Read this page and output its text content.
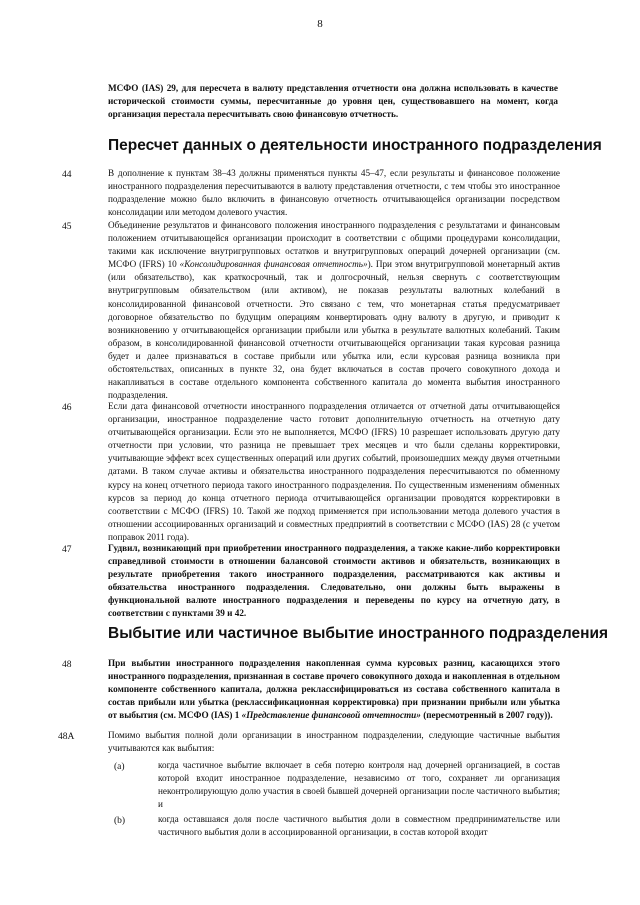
8
МСФО (IAS) 29, для пересчета в валюту представления отчетности она должна использовать в качестве исторической стоимости суммы, пересчитанные до уровня цен, существовавшего на момент, когда организация перестала пересчитывать свою финансовую отчетность.
Пересчет данных о деятельности иностранного подразделения
44	В дополнение к пунктам 38–43 должны применяться пункты 45–47, если результаты и финансовое положение иностранного подразделения пересчитываются в валюту представления отчетности, с тем чтобы это иностранное подразделение можно было включить в финансовую отчетность отчитывающейся организации посредством консолидации или методом долевого участия.
45	Объединение результатов и финансового положения иностранного подразделения с результатами и финансовым положением отчитывающейся организации происходит в соответствии с общими процедурами консолидации, такими как исключение внутригрупповых остатков и внутригрупповых операций дочерней организации (см. МСФО (IFRS) 10 «Консолидированная финансовая отчетность»). При этом внутригрупповой монетарный актив (или обязательство), как краткосрочный, так и долгосрочный, нельзя свернуть с соответствующим внутригрупповым обязательством (или активом), не показав результаты валютных колебаний в консолидированной финансовой отчетности. Это связано с тем, что монетарная статья предусматривает договорное обязательство по будущим операциям конвертировать одну валюту в другую, и приводит к возникновению у отчитывающейся организации прибыли или убытка в результате валютных колебаний. Таким образом, в консолидированной финансовой отчетности отчитывающейся организации такая курсовая разница будет и далее признаваться в составе прибыли или убытка или, если курсовая разница возникла при обстоятельствах, описанных в пункте 32, она будет включаться в состав прочего совокупного дохода и накапливаться в составе отдельного компонента собственного капитала до момента выбытия иностранного подразделения.
46	Если дата финансовой отчетности иностранного подразделения отличается от отчетной даты отчитывающейся организации, иностранное подразделение часто готовит дополнительную отчетность на отчетную дату отчитывающейся организации. Если это не выполняется, МСФО (IFRS) 10 разрешает использовать другую дату отчетности при условии, что разница не превышает трех месяцев и что были сделаны корректировки, учитывающие эффект всех существенных операций или других событий, произошедших между двумя отчетными датами. В таком случае активы и обязательства иностранного подразделения пересчитываются по обменному курсу на конец отчетного периода такого иностранного подразделения. По существенным изменениям обменных курсов за период до конца отчетного периода отчитывающейся организации проводятся корректировки в соответствии с МСФО (IFRS) 10. Такой же подход применяется при использовании метода долевого участия в отношении ассоциированных организаций и совместных предприятий в соответствии с МСФО (IAS) 28 (с учетом поправок 2011 года).
47	Гудвил, возникающий при приобретении иностранного подразделения, а также какие-либо корректировки справедливой стоимости в отношении балансовой стоимости активов и обязательств, возникающих в результате приобретения такого иностранного подразделения, рассматриваются как активы и обязательства иностранного подразделения. Следовательно, они должны быть выражены в функциональной валюте иностранного подразделения и переведены по курсу на отчетную дату, в соответствии с пунктами 39 и 42.
Выбытие или частичное выбытие иностранного подразделения
48	При выбытии иностранного подразделения накопленная сумма курсовых разниц, касающихся этого иностранного подразделения, признанная в составе прочего совокупного дохода и накопленная в отдельном компоненте собственного капитала, должна реклассифицироваться из состава собственного капитала в состав прибыли или убытка (реклассификационная корректировка) при признании прибыли или убытка от выбытия (см. МСФО (IAS) 1 «Представление финансовой отчетности» (пересмотренный в 2007 году)).
48A	Помимо выбытия полной доли организации в иностранном подразделении, следующие частичные выбытия учитываются как выбытия:
(a)	когда частичное выбытие включает в себя потерю контроля над дочерней организацией, в состав которой входит иностранное подразделение, независимо от того, сохраняет ли организация неконтролирующую долю участия в своей бывшей дочерней организации после частичного выбытия; и
(b)	когда оставшаяся доля после частичного выбытия доли в совместном предпринимательстве или частичного выбытия доли в ассоциированной организации, в состав которой входит
